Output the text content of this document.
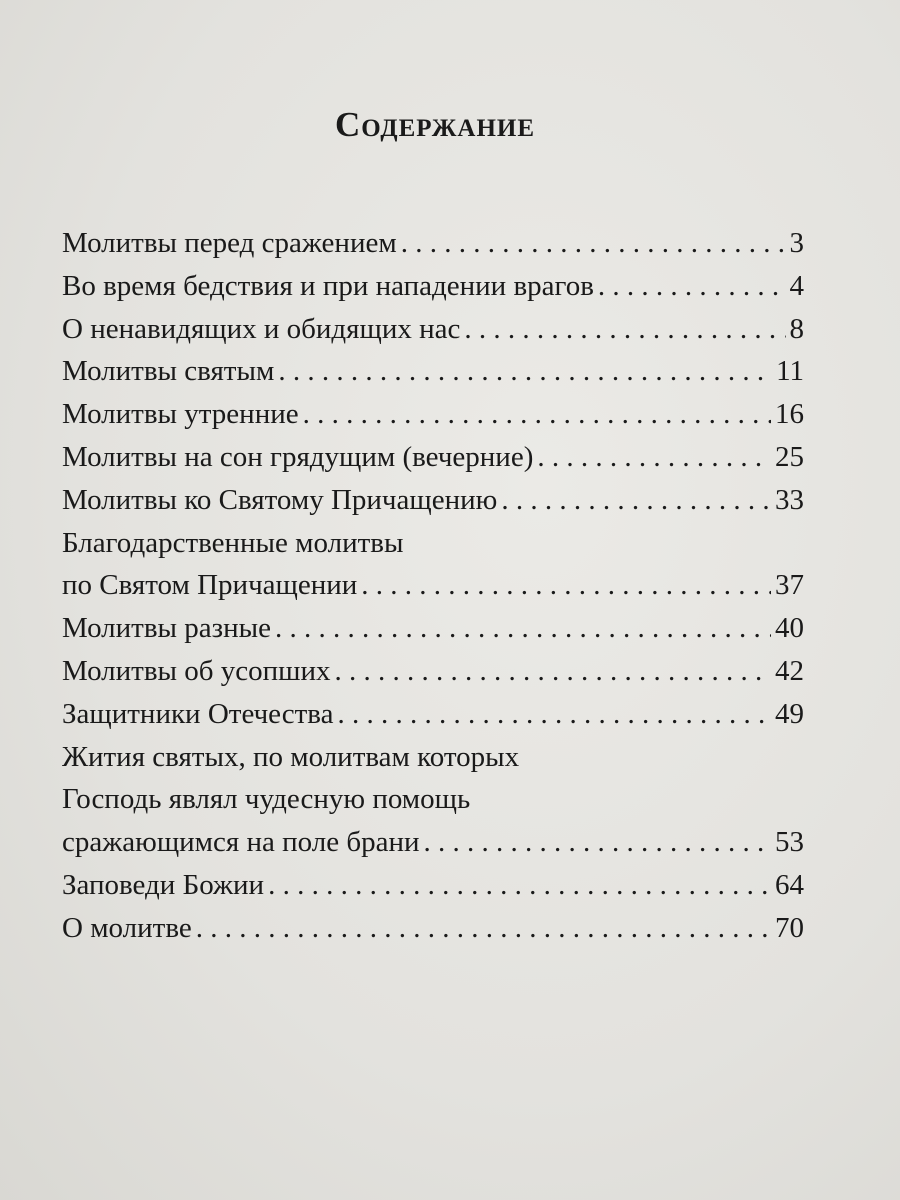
Содержание
Молитвы перед сражением . . .	3
Во время бедствия и при нападении врагов . . .	4
О ненавидящих и обидящих нас . . .	8
Молитвы святым . . .	11
Молитвы утренние . . .	16
Молитвы на сон грядущим (вечерние) . . .	25
Молитвы ко Святому Причащению . . .	33
Благодарственные молитвы
по Святом Причащении . . .	37
Молитвы разные . . .	40
Молитвы об усопших . . .	42
Защитники Отечества . . .	49
Жития святых, по молитвам которых
Господь являл чудесную помощь
сражающимся на поле брани . . .	53
Заповеди Божии . . .	64
О молитве . . .	70
